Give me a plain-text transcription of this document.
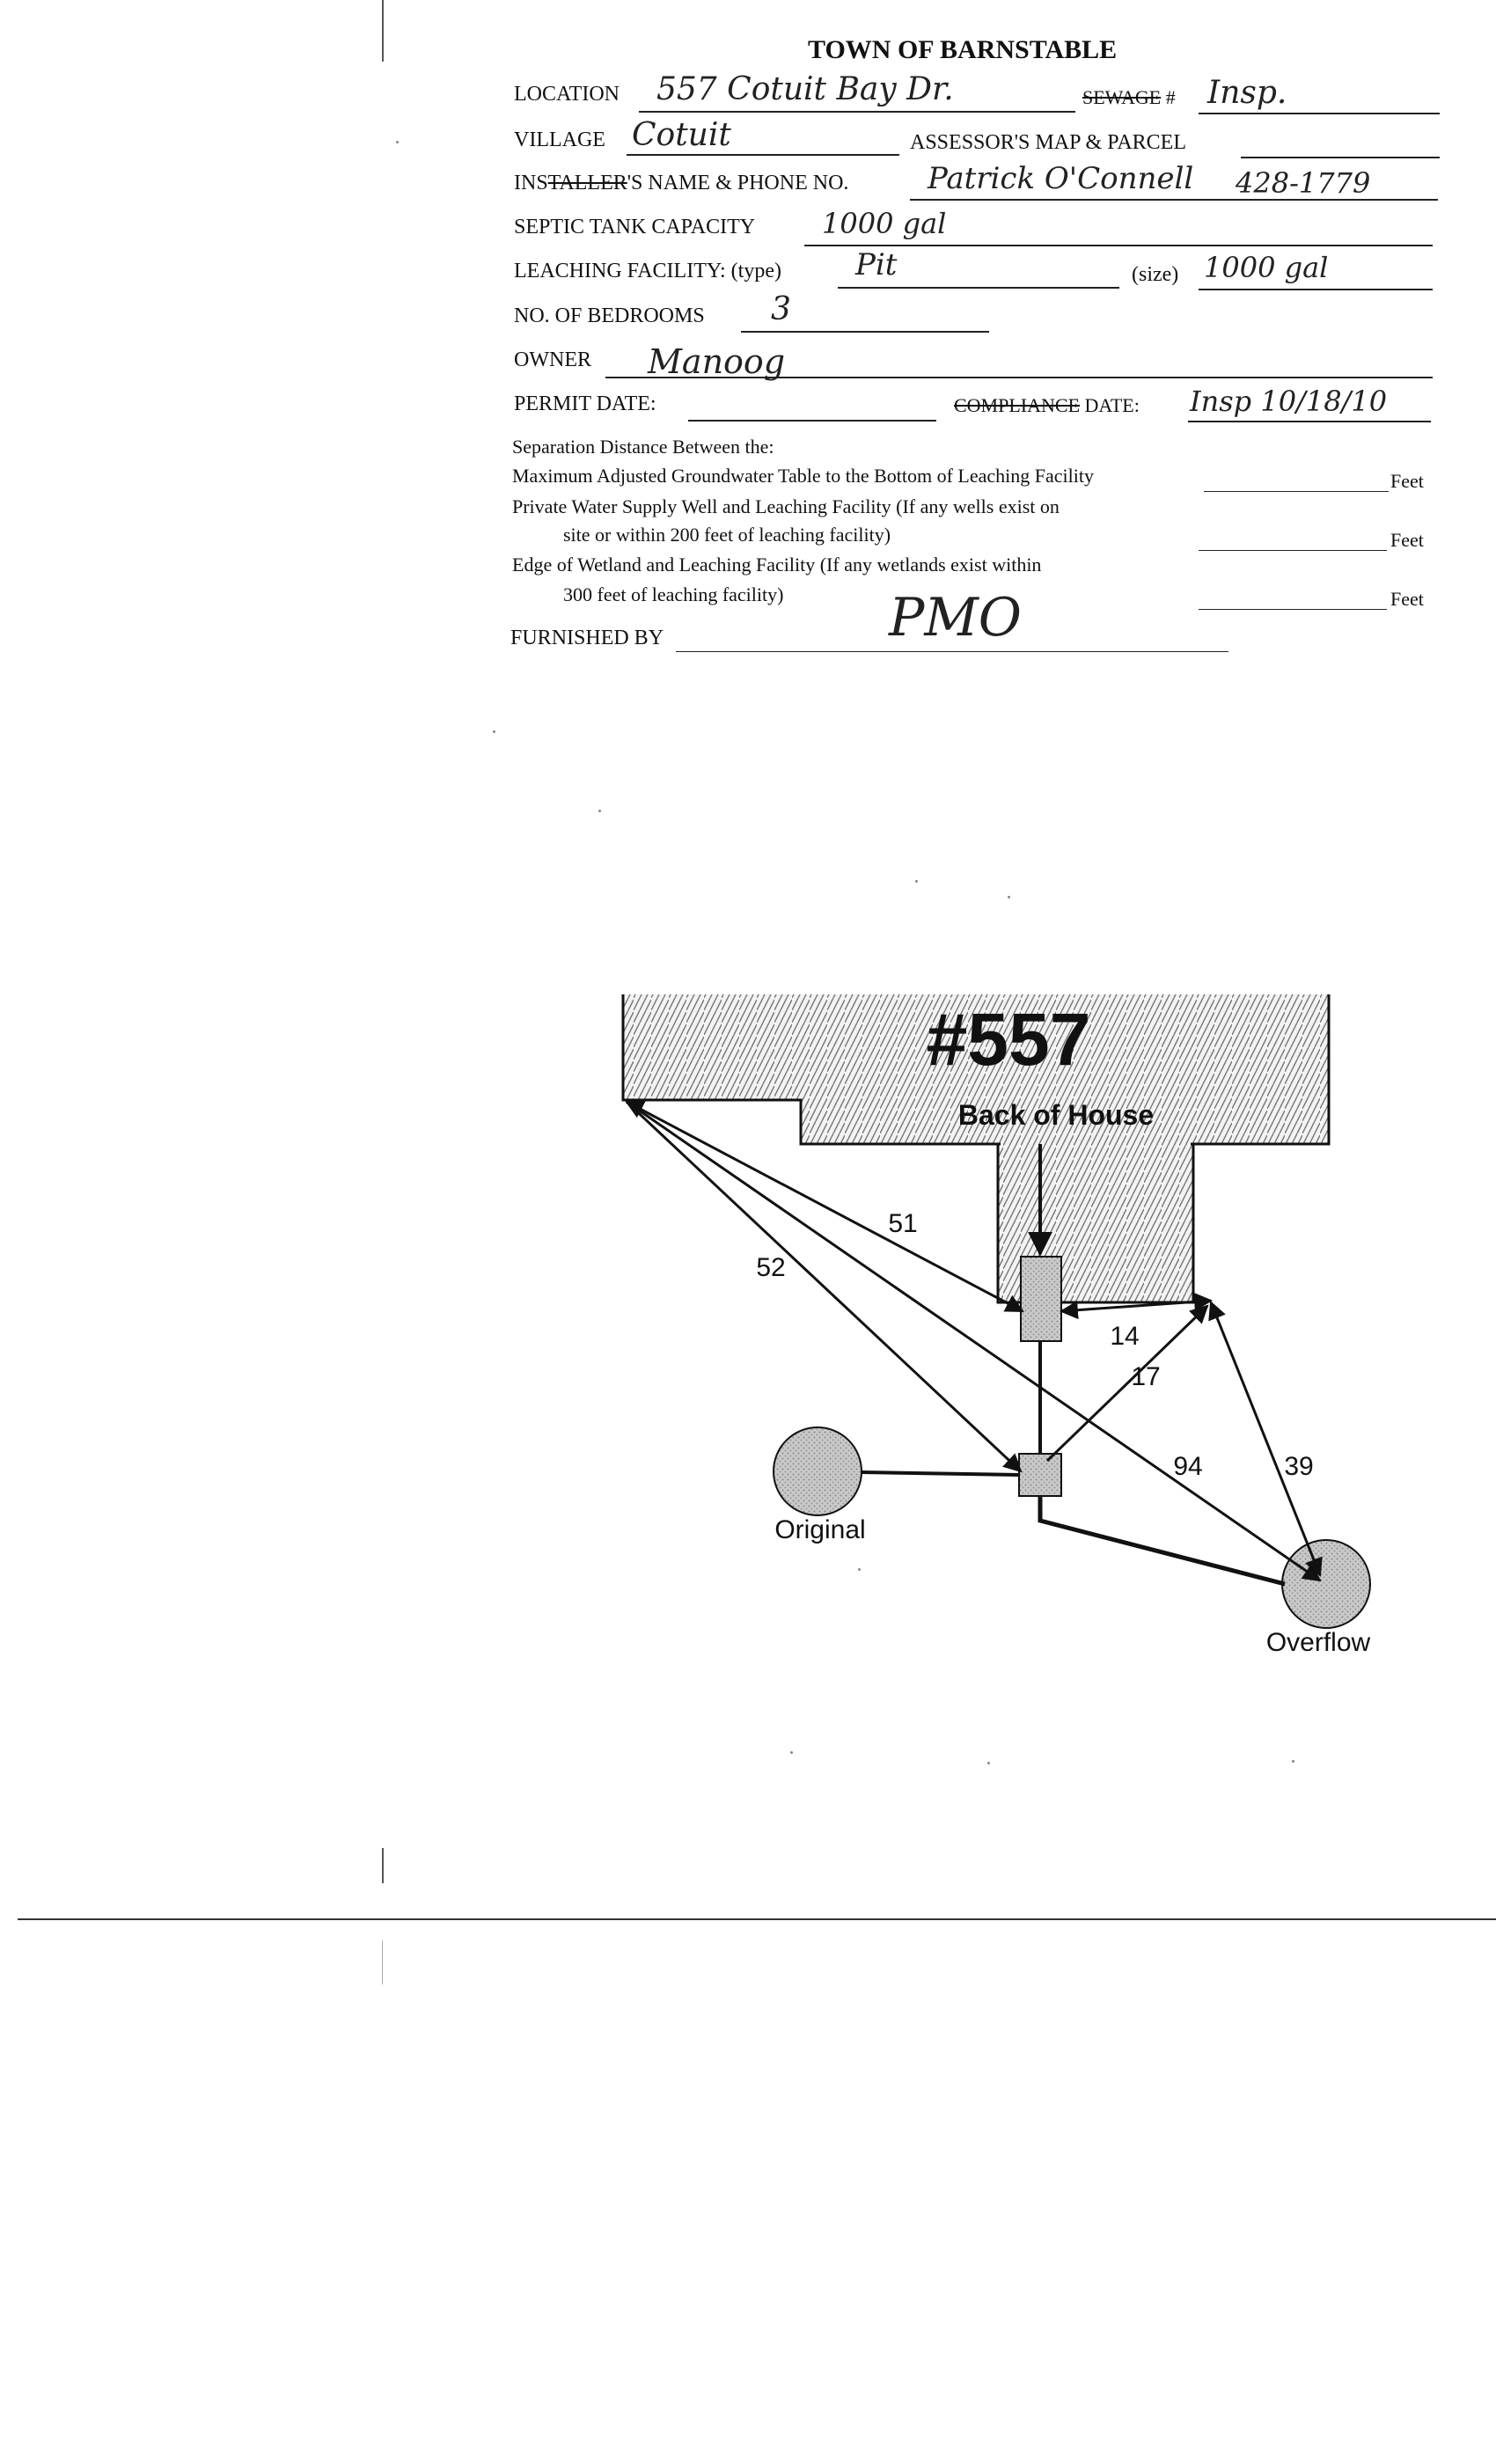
TOWN OF BARNSTABLE
LOCATION 557 Cotuit Bay Dr.	SEWAGE # Insp.
VILLAGE Cotuit	ASSESSOR'S MAP & PARCEL
INSTALLER'S NAME & PHONE NO.	Patrick O'Connell 428-1779
SEPTIC TANK CAPACITY 1000 gal
LEACHING FACILITY: (type) Pit	(size) 1000 gal
NO. OF BEDROOMS 3
OWNER Manoog
PERMIT DATE:	COMPLIANCE DATE: Insp 10/18/10
Separation Distance Between the:
Maximum Adjusted Groundwater Table to the Bottom of Leaching Facility	Feet
Private Water Supply Well and Leaching Facility (If any wells exist on
site or within 200 feet of leaching facility)	Feet
Edge of Wetland and Leaching Facility (If any wetlands exist within
300 feet of leaching facility)	Feet
FURNISHED BY	PMO
#557
Back of House
Original
Overflow
51
52
14
17
94	39
